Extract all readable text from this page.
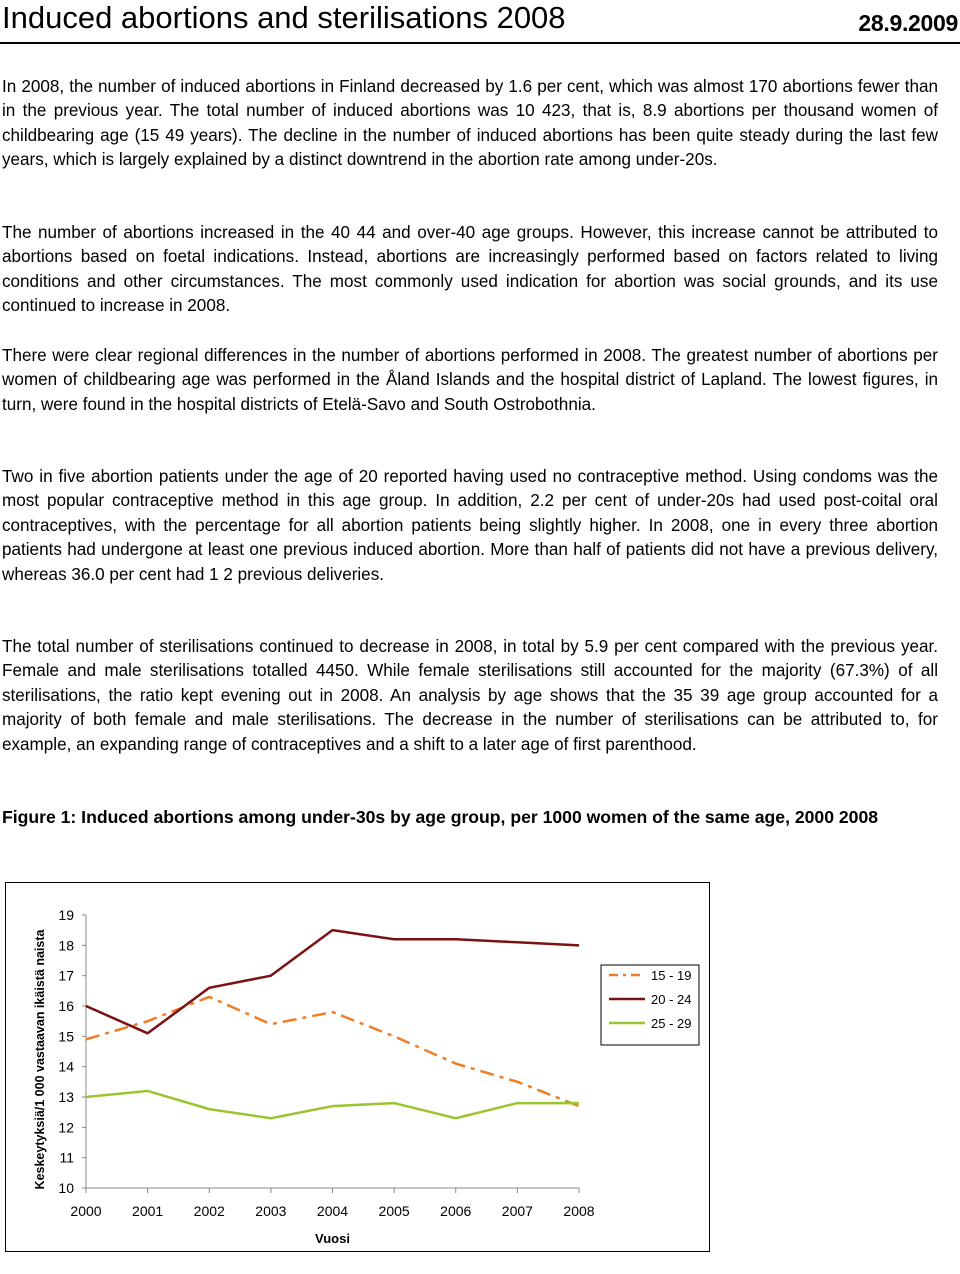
Induced abortions and sterilisations 2008	28.9.2009

In 2008, the number of induced abortions in Finland decreased by 1.6 per cent, which was almost 170 abortions fewer than in the previous year. The total number of induced abortions was 10 423, that is, 8.9 abortions per thousand women of childbearing age (15 49 years). The decline in the number of induced abortions has been quite steady during the last few years, which is largely explained by a distinct downtrend in the abortion rate among under-20s.

The number of abortions increased in the 40 44 and over-40 age groups. However, this increase cannot be attributed to abortions based on foetal indications. Instead, abortions are increasingly performed based on factors related to living conditions and other circumstances. The most commonly used indication for abortion was social grounds, and its use continued to increase in 2008.

There were clear regional differences in the number of abortions performed in 2008. The greatest number of abortions per women of childbearing age was performed in the Åland Islands and the hospital district of Lapland. The lowest figures, in turn, were found in the hospital districts of Etelä-Savo and South Ostrobothnia.

Two in five abortion patients under the age of 20 reported having used no contraceptive method. Using condoms was the most popular contraceptive method in this age group. In addition, 2.2 per cent of under-20s had used post-coital oral contraceptives, with the percentage for all abortion patients being slightly higher. In 2008, one in every three abortion patients had undergone at least one previous induced abortion. More than half of patients did not have a previous delivery, whereas 36.0 per cent had 1 2 previous deliveries.

The total number of sterilisations continued to decrease in 2008, in total by 5.9 per cent compared with the previous year. Female and male sterilisations totalled 4450. While female sterilisations still accounted for the majority (67.3%) of all sterilisations, the ratio kept evening out in 2008. An analysis by age shows that the 35 39 age group accounted for a majority of both female and male sterilisations. The decrease in the number of sterilisations can be attributed to, for example, an expanding range of contraceptives and a shift to a later age of first parenthood.

Figure 1: Induced abortions among under-30s by age group, per 1000 women of the same age, 2000 2008

10
11
12
13
14
15
16
17
18
19
2000 2001 2002 2003 2004 2005 2006 2007 2008
Vuosi
Keskeytyksiä/1 000 vastaavan ikäistä naista	15 - 19
20 - 24
25 - 29
